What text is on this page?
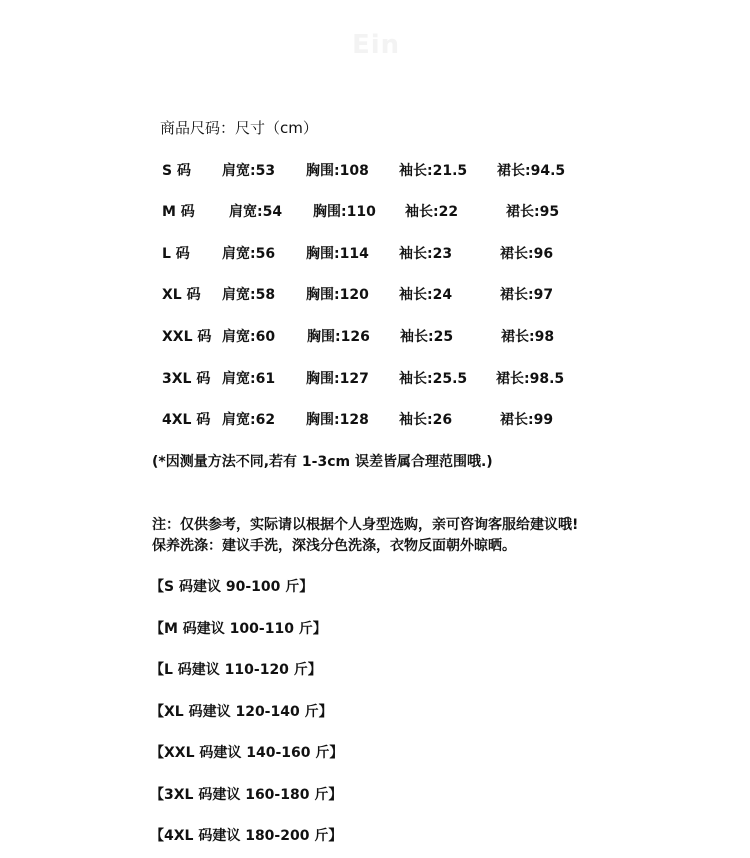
Ein
商品尺码：尺寸（cm）
S 码 肩宽:53 胸围:108 袖长:21.5 裙长:94.5
M 码 肩宽:54 胸围:110 袖长:22	裙长:95
L 码 肩宽:56 胸围:114 袖长:23	裙长:96
XL 码 肩宽:58 胸围:120 袖长:24	裙长:97
XXL 码 肩宽:60 胸围:126 袖长:25	裙长:98
3XL 码 肩宽:61 胸围:127 袖长:25.5 裙长:98.5
4XL 码 肩宽:62 胸围:128 袖长:26	裙长:99
(*因测量方法不同,若有 1-3cm 误差皆属合理范围哦.)
注：仅供参考，实际请以根据个人身型选购，亲可咨询客服给建议哦!
保养洗涤：建议手洗，深浅分色洗涤，衣物反面朝外晾晒。
【S 码建议 90-100 斤】
【M 码建议 100-110 斤】
【L 码建议 110-120 斤】
【XL 码建议 120-140 斤】
【XXL 码建议 140-160 斤】
【3XL 码建议 160-180 斤】
【4XL 码建议 180-200 斤】
